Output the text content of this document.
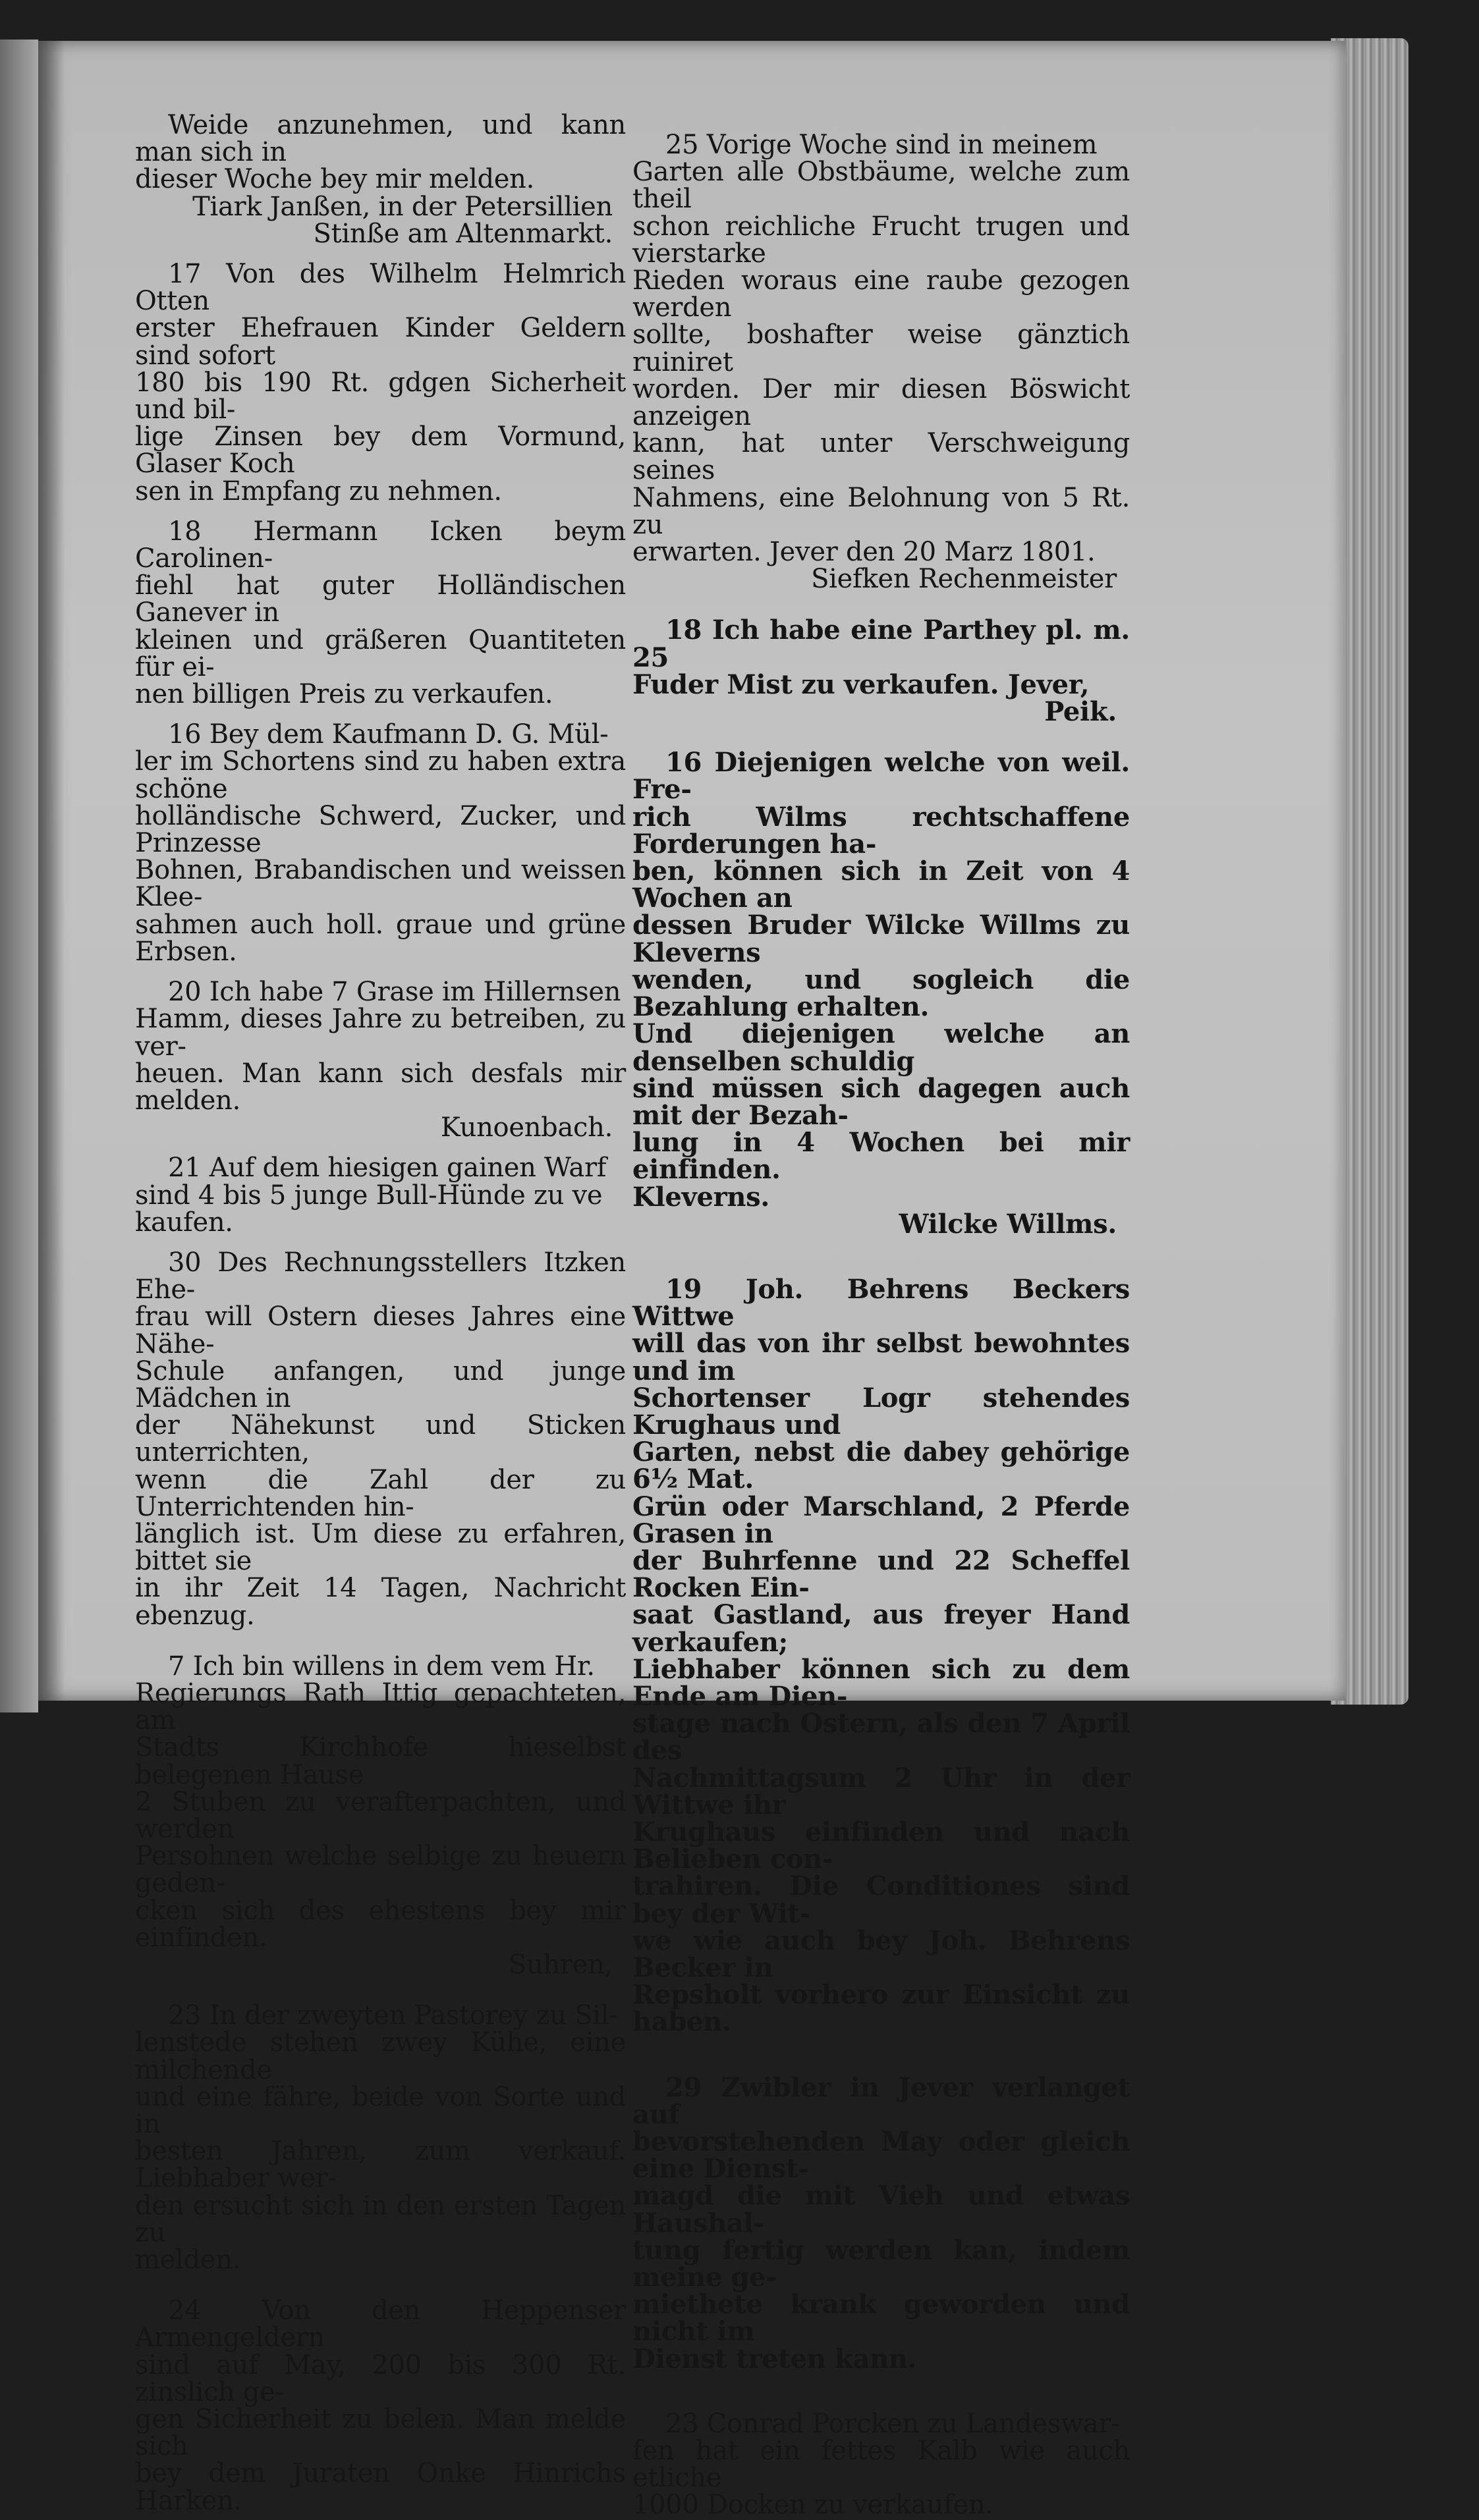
Weide anzunehmen, und kann man sich in

dieser Woche bey mir melden.

Tiark Janßen, in der Petersillien Stinße am Altenmarkt.

17 Von des Wilhelm Helmrich Otten

erster Ehefrauen Kinder Geldern sind sofort

180 bis 190 Rt. gdgen Sicherheit und bil-

lige Zinsen bey dem Vormund, Glaser Koch

sen in Empfang zu nehmen.

18 Hermann Icken beym Carolinen-

fiehl hat guter Holländischen Ganever in

kleinen und gräßeren Quantiteten für ei-

nen billigen Preis zu verkaufen.

16 Bey dem Kaufmann D. G. Mül-

ler im Schortens sind zu haben extra schöne

holländische Schwerd, Zucker, und Prinzesse

Bohnen, Brabandischen und weissen Klee-

sahmen auch holl. graue und grüne Erbsen.

20 Ich habe 7 Grase im Hillernsen

Hamm, dieses Jahre zu betreiben, zu ver-

heuen. Man kann sich desfals mir melden.

Kunoenbach.

21 Auf dem hiesigen gainen Warf

sind 4 bis 5 junge Bull-Hünde zu ve

kaufen.

30 Des Rechnungsstellers Itzken Ehe-

frau will Ostern dieses Jahres eine Nähe-

Schule anfangen, und junge Mädchen in

der Nähekunst und Sticken unterrichten,

wenn die Zahl der zu Unterrichtenden hin-

länglich ist. Um diese zu erfahren, bittet sie

in ihr Zeit 14 Tagen, Nachricht ebenzug.

7 Ich bin willens in dem vem Hr.

Regierungs Rath Ittig gepachteten, am

Stadts Kirchhofe hieselbst belegenen Hause

2 Stuben zu verafterpachten, und werden

Persohnen welche selbige zu heuern geden-

cken sich des ehestens bey mir einfinden.

Suhren,

23 In der zweyten Pastorey zu Sil-

lenstede stehen zwey Kühe, eine milchende

und eine fähre, beide von Sorte und in

besten Jahren, zum verkauf. Liebhaber wer-

den ersucht sich in den ersten Tagen zu

melden.

24 Von den Heppenser Armengeldern

sind auf May, 200 bis 300 Rt. zinslich ge-

gen Sicherheit zu belen. Man melde sich

bey dem Juraten Onke Hinrichs Harken.

25 Vorige Woche sind in meinem

Garten alle Obstbäume, welche zum theil

schon reichliche Frucht trugen und vierstarke

Rieden woraus eine raube gezogen werden

sollte, boshafter weise gänztich ruiniret

worden. Der mir diesen Böswicht anzeigen

kann, hat unter Verschweigung seines

Nahmens, eine Belohnung von 5 Rt. zu

erwarten. Jever den 20 Marz 1801.

Siefken Rechenmeister

18 Ich habe eine Parthey pl. m. 25

Fuder Mist zu verkaufen. Jever,

Peik.

16 Diejenigen welche von weil. Fre-

rich Wilms rechtschaffene Forderungen ha-

ben, können sich in Zeit von 4 Wochen an

dessen Bruder Wilcke Willms zu Kleverns

wenden, und sogleich die Bezahlung erhalten.

Und diejenigen welche an denselben schuldig

sind müssen sich dagegen auch mit der Bezah-

lung in 4 Wochen bei mir einfinden.

Kleverns.

Wilcke Willms.

19 Joh. Behrens Beckers Wittwe

will das von ihr selbst bewohntes und im

Schortenser Logr stehendes Krughaus und

Garten, nebst die dabey gehörige 6½ Mat.

Grün oder Marschland, 2 Pferde Grasen in

der Buhrfenne und 22 Scheffel Rocken Ein-

saat Gastland, aus freyer Hand verkaufen;

Liebhaber können sich zu dem Ende am Dien-

stage nach Ostern, als den 7 April des

Nachmittagsum 2 Uhr in der Wittwe ihr

Krughaus einfinden und nach Belieben con-

trahiren. Die Conditiones sind bey der Wit-

we wie auch bey Joh. Behrens Becker in

Repsholt vorhero zur Einsicht zu haben.

29 Zwibler in Jever verlanget auf

bevorstehenden May oder gleich eine Dienst-

magd die mit Vieh und etwas Haushal-

tung fertig werden kan, indem meine ge-

miethete krank geworden und nicht im

Dienst treten kann.

23 Conrad Porcken zu Landeswar-

fen hat ein fettes Kalb wie auch etliche

1000 Docken zu verkaufen.
